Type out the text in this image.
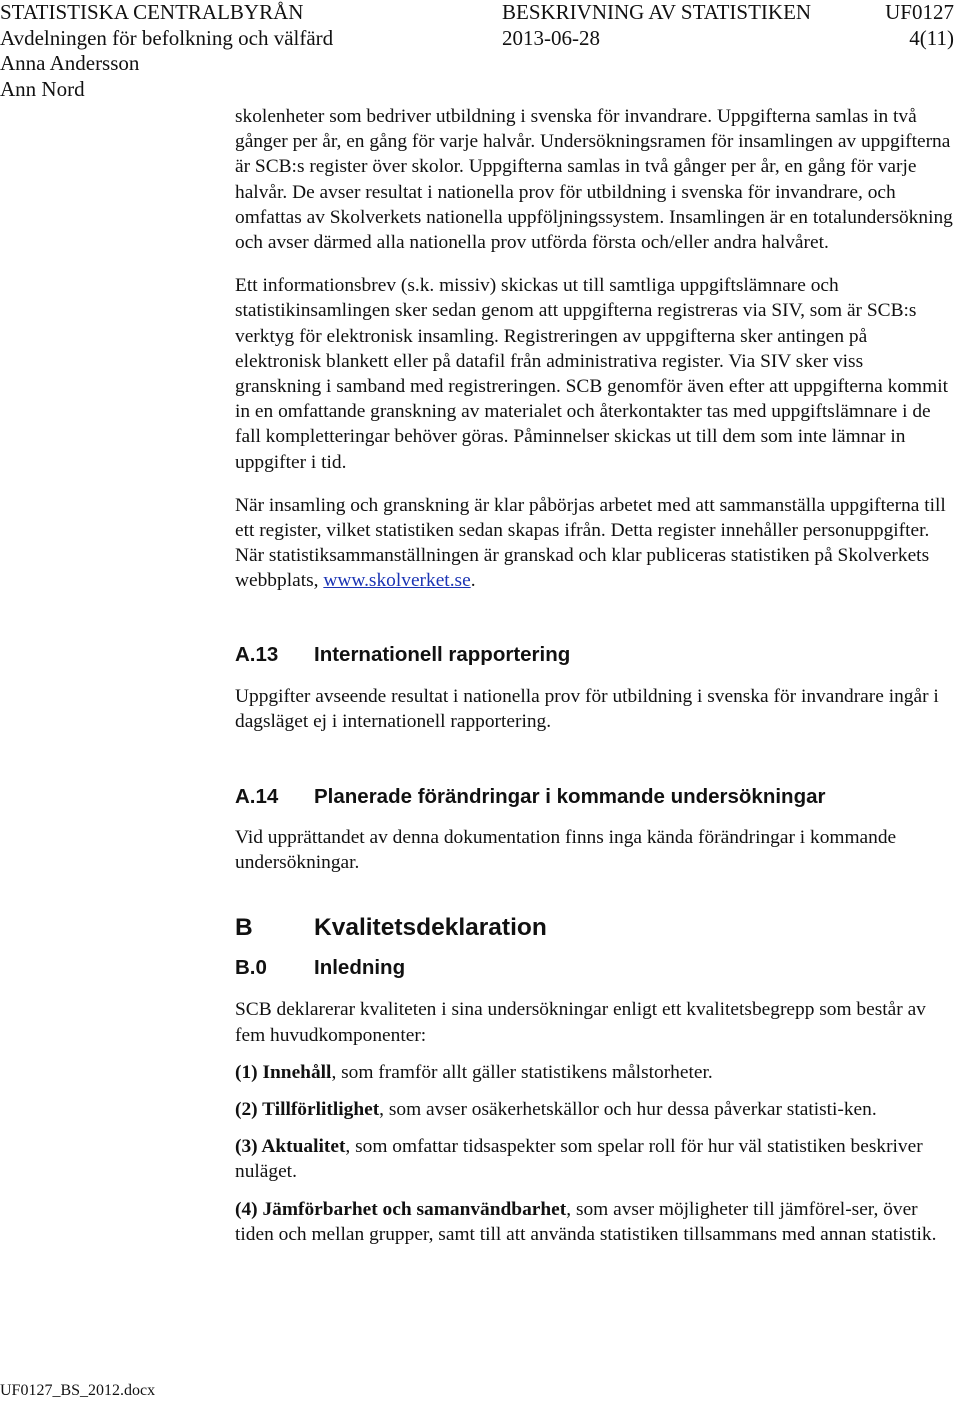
STATISTISKA CENTRALBYRÅN	BESKRIVNING AV STATISTIKEN	UF0127
Avdelningen för befolkning och välfärd	2013-06-28	4(11)
Anna Andersson
Ann Nord

skolenheter som bedriver utbildning i svenska för invandrare. Uppgifterna samlas in två gånger per år, en gång för varje halvår. Undersökningsramen för insamlingen av uppgifterna är SCB:s register över skolor. Uppgifterna samlas in två gånger per år, en gång för varje halvår. De avser resultat i nationella prov för utbildning i svenska för invandrare, och omfattas av Skolverkets nationella uppföljningssystem. Insamlingen är en totalundersökning och avser därmed alla nationella prov utförda första och/eller andra halvåret.

Ett informationsbrev (s.k. missiv) skickas ut till samtliga uppgiftslämnare och statistikinsamlingen sker sedan genom att uppgifterna registreras via SIV, som är SCB:s verktyg för elektronisk insamling. Registreringen av uppgifterna sker antingen på elektronisk blankett eller på datafil från administrativa register. Via SIV sker viss granskning i samband med registreringen. SCB genomför även efter att uppgifterna kommit in en omfattande granskning av materialet och återkontakter tas med uppgiftslämnare i de fall kompletteringar behöver göras. Påminnelser skickas ut till dem som inte lämnar in uppgifter i tid.

När insamling och granskning är klar påbörjas arbetet med att sammanställa uppgifterna till ett register, vilket statistiken sedan skapas ifrån. Detta register innehåller personuppgifter. När statistiksammanställningen är granskad och klar publiceras statistiken på Skolverkets webbplats, www.skolverket.se.

A.13 Internationell rapportering

Uppgifter avseende resultat i nationella prov för utbildning i svenska för invandrare ingår i dagsläget ej i internationell rapportering.

A.14 Planerade förändringar i kommande undersökningar

Vid upprättandet av denna dokumentation finns inga kända förändringar i kommande undersökningar.

B	Kvalitetsdeklaration
B.0 Inledning

SCB deklarerar kvaliteten i sina undersökningar enligt ett kvalitetsbegrepp som består av fem huvudkomponenter:

(1) Innehåll, som framför allt gäller statistikens målstorheter.

(2) Tillförlitlighet, som avser osäkerhetskällor och hur dessa påverkar statisti-ken.

(3) Aktualitet, som omfattar tidsaspekter som spelar roll för hur väl statistiken beskriver nuläget.

(4) Jämförbarhet och samanvändbarhet, som avser möjligheter till jämförel-ser, över tiden och mellan grupper, samt till att använda statistiken tillsammans med annan statistik.

UF0127_BS_2012.docx
